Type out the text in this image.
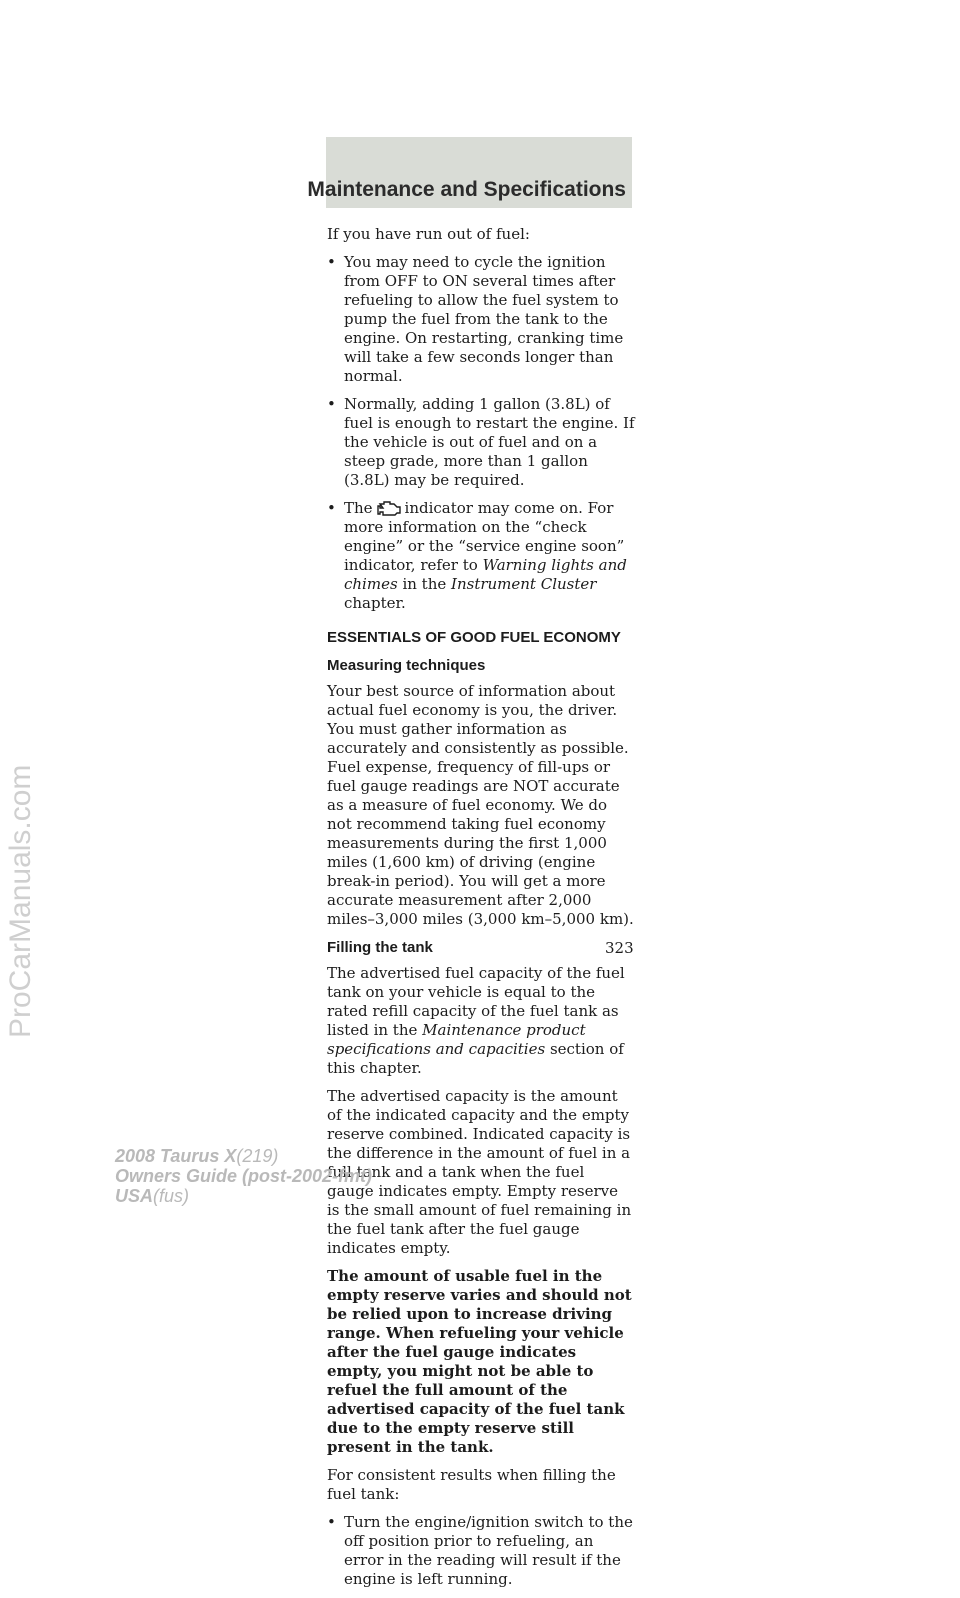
Maintenance and Specifications
ProCarManuals.com

If you have run out of fuel:

• You may need to cycle the ignition from OFF to ON several times after refueling to allow the fuel system to pump the fuel from the tank to the engine. On restarting, cranking time will take a few seconds longer than normal.
• Normally, adding 1 gallon (3.8L) of fuel is enough to restart the engine. If the vehicle is out of fuel and on a steep grade, more than 1 gallon (3.8L) may be required.
• The indicator may come on. For more information on the “check engine” or the “service engine soon” indicator, refer to Warning lights and chimes in the Instrument Cluster chapter.
ESSENTIALS OF GOOD FUEL ECONOMY
Measuring techniques

Your best source of information about actual fuel economy is you, the driver. You must gather information as accurately and consistently as possible. Fuel expense, frequency of fill-ups or fuel gauge readings are NOT accurate as a measure of fuel economy. We do not recommend taking fuel economy measurements during the first 1,000 miles (1,600 km) of driving (engine break-in period). You will get a more accurate measurement after 2,000 miles–3,000 miles (3,000 km–5,000 km).

Filling the tank

The advertised fuel capacity of the fuel tank on your vehicle is equal to the rated refill capacity of the fuel tank as listed in the Maintenance product specifications and capacities section of this chapter.

The advertised capacity is the amount of the indicated capacity and the empty reserve combined. Indicated capacity is the difference in the amount of fuel in a full tank and a tank when the fuel gauge indicates empty. Empty reserve is the small amount of fuel remaining in the fuel tank after the fuel gauge indicates empty.

The amount of usable fuel in the empty reserve varies and should not be relied upon to increase driving range. When refueling your vehicle after the fuel gauge indicates empty, you might not be able to refuel the full amount of the advertised capacity of the fuel tank due to the empty reserve still present in the tank.

For consistent results when filling the fuel tank:

• Turn the engine/ignition switch to the off position prior to refueling, an error in the reading will result if the engine is left running.
323
2008 Taurus X(219)
Owners Guide (post-2002-fmt)
USA(fus)
